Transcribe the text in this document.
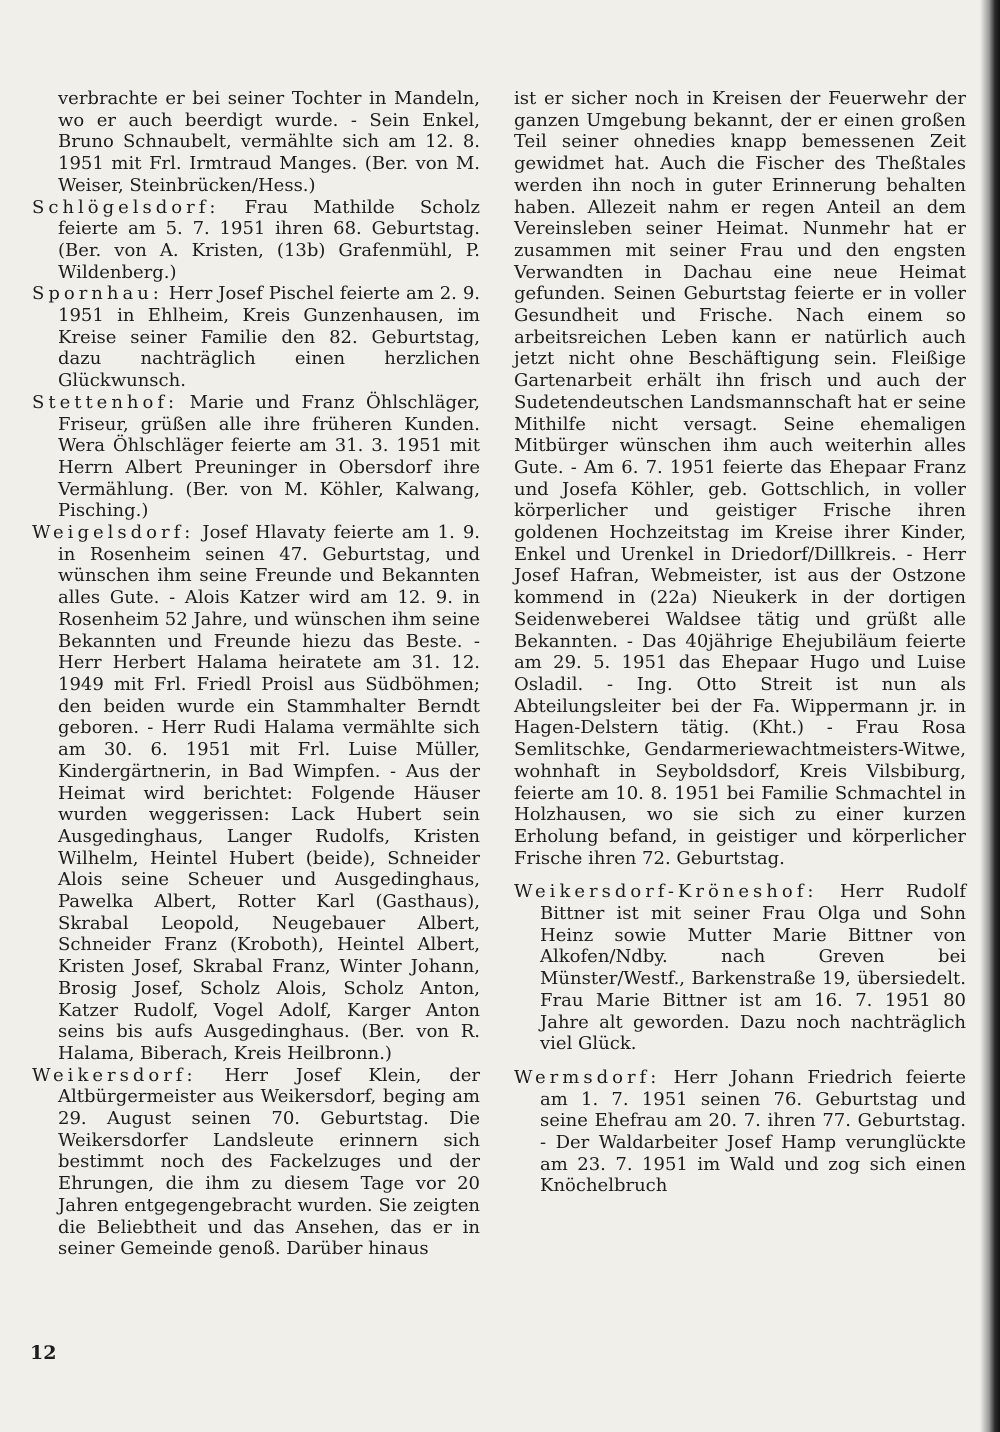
verbrachte er bei seiner Tochter in Mandeln, wo er auch beerdigt wurde. - Sein Enkel, Bruno Schnaubelt, vermählte sich am 12. 8. 1951 mit Frl. Irmtraud Manges. (Ber. von M. Weiser, Steinbrücken/Hess.)

Schlögelsdorf: Frau Mathilde Scholz feierte am 5. 7. 1951 ihren 68. Geburtstag. (Ber. von A. Kristen, (13b) Grafenmühl, P. Wildenberg.)

Spornhau: Herr Josef Pischel feierte am 2. 9. 1951 in Ehlheim, Kreis Gunzenhausen, im Kreise seiner Familie den 82. Geburtstag, dazu nachträglich einen herzlichen Glückwunsch.

Stettenhof: Marie und Franz Öhlschläger, Friseur, grüßen alle ihre früheren Kunden. Wera Öhlschläger feierte am 31. 3. 1951 mit Herrn Albert Preuninger in Obersdorf ihre Vermählung. (Ber. von M. Köhler, Kalwang, Pisching.)

Weigelsdorf: Josef Hlavaty feierte am 1. 9. in Rosenheim seinen 47. Geburtstag, und wünschen ihm seine Freunde und Bekannten alles Gute. - Alois Katzer wird am 12. 9. in Rosenheim 52 Jahre, und wünschen ihm seine Bekannten und Freunde hiezu das Beste. - Herr Herbert Halama heiratete am 31. 12. 1949 mit Frl. Friedl Proisl aus Südböhmen; den beiden wurde ein Stammhalter Berndt geboren. - Herr Rudi Halama vermählte sich am 30. 6. 1951 mit Frl. Luise Müller, Kindergärtnerin, in Bad Wimpfen. - Aus der Heimat wird berichtet: Folgende Häuser wurden weggerissen: Lack Hubert sein Ausgedinghaus, Langer Rudolfs, Kristen Wilhelm, Heintel Hubert (beide), Schneider Alois seine Scheuer und Ausgedinghaus, Pawelka Albert, Rotter Karl (Gasthaus), Skrabal Leopold, Neugebauer Albert, Schneider Franz (Kroboth), Heintel Albert, Kristen Josef, Skrabal Franz, Winter Johann, Brosig Josef, Scholz Alois, Scholz Anton, Katzer Rudolf, Vogel Adolf, Karger Anton seins bis aufs Ausgedinghaus. (Ber. von R. Halama, Biberach, Kreis Heilbronn.)

Weikersdorf: Herr Josef Klein, der Altbürgermeister aus Weikersdorf, beging am 29. August seinen 70. Geburtstag. Die Weikersdorfer Landsleute erinnern sich bestimmt noch des Fackelzuges und der Ehrungen, die ihm zu diesem Tage vor 20 Jahren entgegengebracht wurden. Sie zeigten die Beliebtheit und das Ansehen, das er in seiner Gemeinde genoß. Darüber hinaus

ist er sicher noch in Kreisen der Feuerwehr der ganzen Umgebung bekannt, der er einen großen Teil seiner ohnedies knapp bemessenen Zeit gewidmet hat. Auch die Fischer des Theßtales werden ihn noch in guter Erinnerung behalten haben. Allezeit nahm er regen Anteil an dem Vereinsleben seiner Heimat. Nunmehr hat er zusammen mit seiner Frau und den engsten Verwandten in Dachau eine neue Heimat gefunden. Seinen Geburtstag feierte er in voller Gesundheit und Frische. Nach einem so arbeitsreichen Leben kann er natürlich auch jetzt nicht ohne Beschäftigung sein. Fleißige Gartenarbeit erhält ihn frisch und auch der Sudetendeutschen Landsmannschaft hat er seine Mithilfe nicht versagt. Seine ehemaligen Mitbürger wünschen ihm auch weiterhin alles Gute. - Am 6. 7. 1951 feierte das Ehepaar Franz und Josefa Köhler, geb. Gottschlich, in voller körperlicher und geistiger Frische ihren goldenen Hochzeitstag im Kreise ihrer Kinder, Enkel und Urenkel in Driedorf/Dillkreis. - Herr Josef Hafran, Webmeister, ist aus der Ostzone kommend in (22a) Nieukerk in der dortigen Seidenweberei Waldsee tätig und grüßt alle Bekannten. - Das 40jährige Ehejubiläum feierte am 29. 5. 1951 das Ehepaar Hugo und Luise Osladil. - Ing. Otto Streit ist nun als Abteilungsleiter bei der Fa. Wippermann jr. in Hagen-Delstern tätig. (Kht.) - Frau Rosa Semlitschke, Gendarmeriewachtmeisters-Witwe, wohnhaft in Seyboldsdorf, Kreis Vilsbiburg, feierte am 10. 8. 1951 bei Familie Schmachtel in Holzhausen, wo sie sich zu einer kurzen Erholung befand, in geistiger und körperlicher Frische ihren 72. Geburtstag.

Weikersdorf-Kröneshof: Herr Rudolf Bittner ist mit seiner Frau Olga und Sohn Heinz sowie Mutter Marie Bittner von Alkofen/Ndby. nach Greven bei Münster/Westf., Barkenstraße 19, übersiedelt. Frau Marie Bittner ist am 16. 7. 1951 80 Jahre alt geworden. Dazu noch nachträglich viel Glück.

Wermsdorf: Herr Johann Friedrich feierte am 1. 7. 1951 seinen 76. Geburtstag und seine Ehefrau am 20. 7. ihren 77. Geburtstag. - Der Waldarbeiter Josef Hamp verunglückte am 23. 7. 1951 im Wald und zog sich einen Knöchelbruch

12
